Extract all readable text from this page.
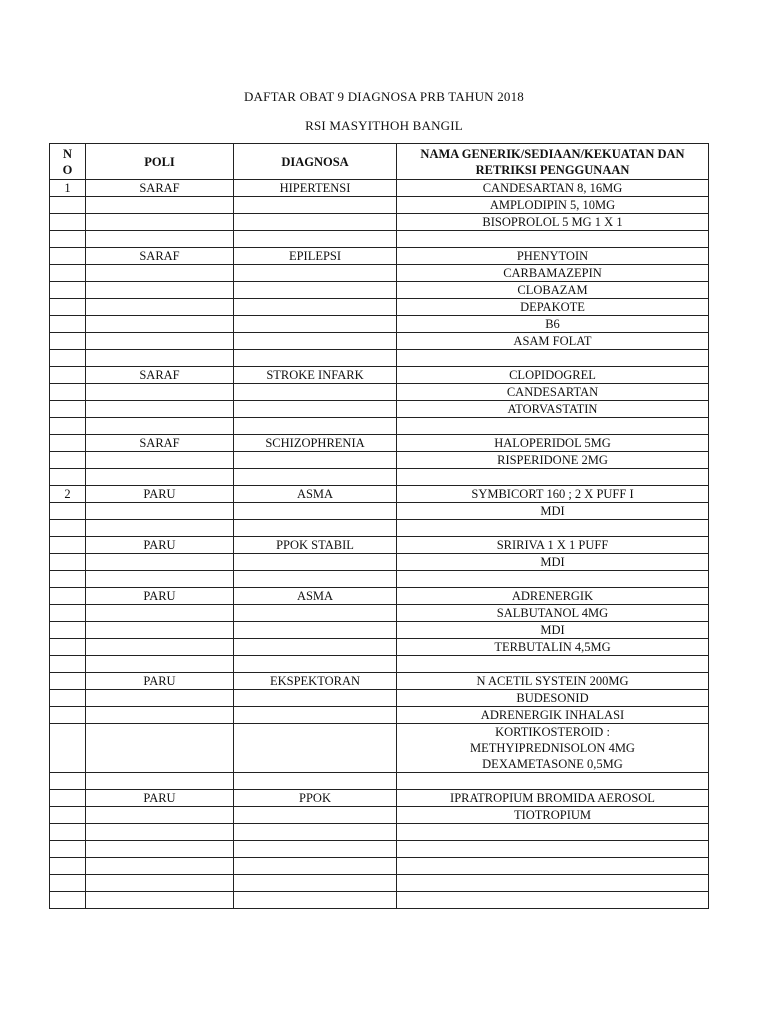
DAFTAR OBAT 9 DIAGNOSA PRB TAHUN 2018
RSI MASYITHOH BANGIL
N
O	POLI	DIAGNOSA	NAMA GENERIK/SEDIAAN/KEKUATAN DAN RETRIKSI PENGGUNAAN
1	SARAF	HIPERTENSI	CANDESARTAN 8, 16MG
			AMPLODIPIN 5, 10MG
			BISOPROLOL 5 MG 1 X 1

	SARAF	EPILEPSI	PHENYTOIN
			CARBAMAZEPIN
			CLOBAZAM
			DEPAKOTE
			B6
			ASAM FOLAT

	SARAF	STROKE INFARK	CLOPIDOGREL
			CANDESARTAN
			ATORVASTATIN

	SARAF	SCHIZOPHRENIA	HALOPERIDOL 5MG
			RISPERIDONE 2MG

2	PARU	ASMA	SYMBICORT 160 ; 2 X PUFF I
			MDI

	PARU	PPOK STABIL	SRIRIVA 1 X 1 PUFF
			MDI

	PARU	ASMA	ADRENERGIK
			SALBUTANOL 4MG
			MDI
			TERBUTALIN 4,5MG

	PARU	EKSPEKTORAN	N ACETIL SYSTEIN 200MG
			BUDESONID
			ADRENERGIK INHALASI
			KORTIKOSTEROID :
METHYIPREDNISOLON 4MG
DEXAMETASONE 0,5MG

	PARU	PPOK	IPRATROPIUM BROMIDA AEROSOL
			TIOTROPIUM
